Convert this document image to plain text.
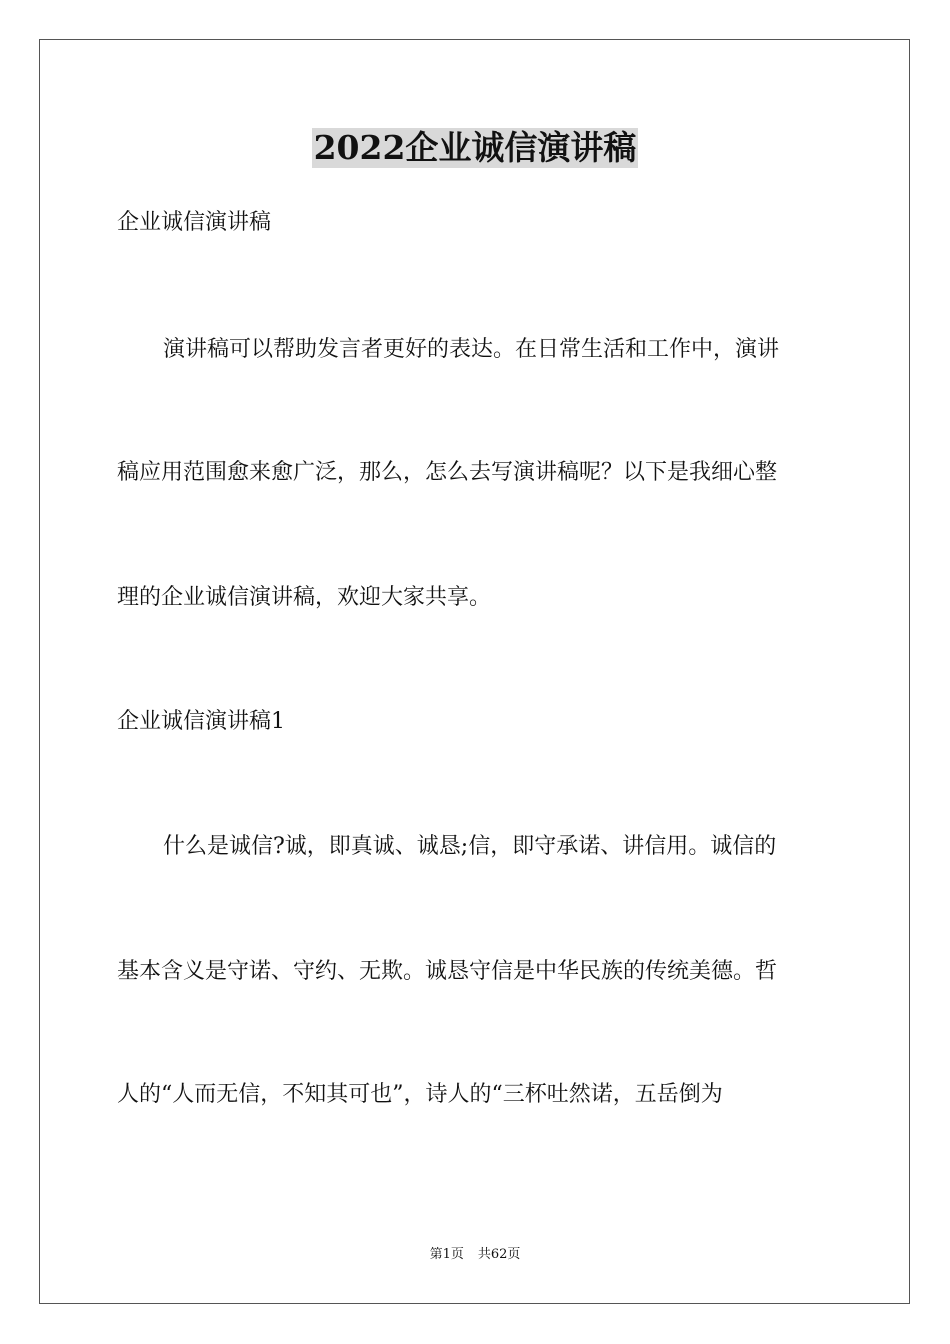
2022企业诚信演讲稿
企业诚信演讲稿
演讲稿可以帮助发言者更好的表达。在日常生活和工作中，演讲
稿应用范围愈来愈广泛，那么，怎么去写演讲稿呢？以下是我细心整
理的企业诚信演讲稿，欢迎大家共享。
企业诚信演讲稿1
什么是诚信?诚，即真诚、诚恳;信，即守承诺、讲信用。诚信的
基本含义是守诺、守约、无欺。诚恳守信是中华民族的传统美德。哲
人的“人而无信，不知其可也”，诗人的“三杯吐然诺，五岳倒为
第1页 共62页
